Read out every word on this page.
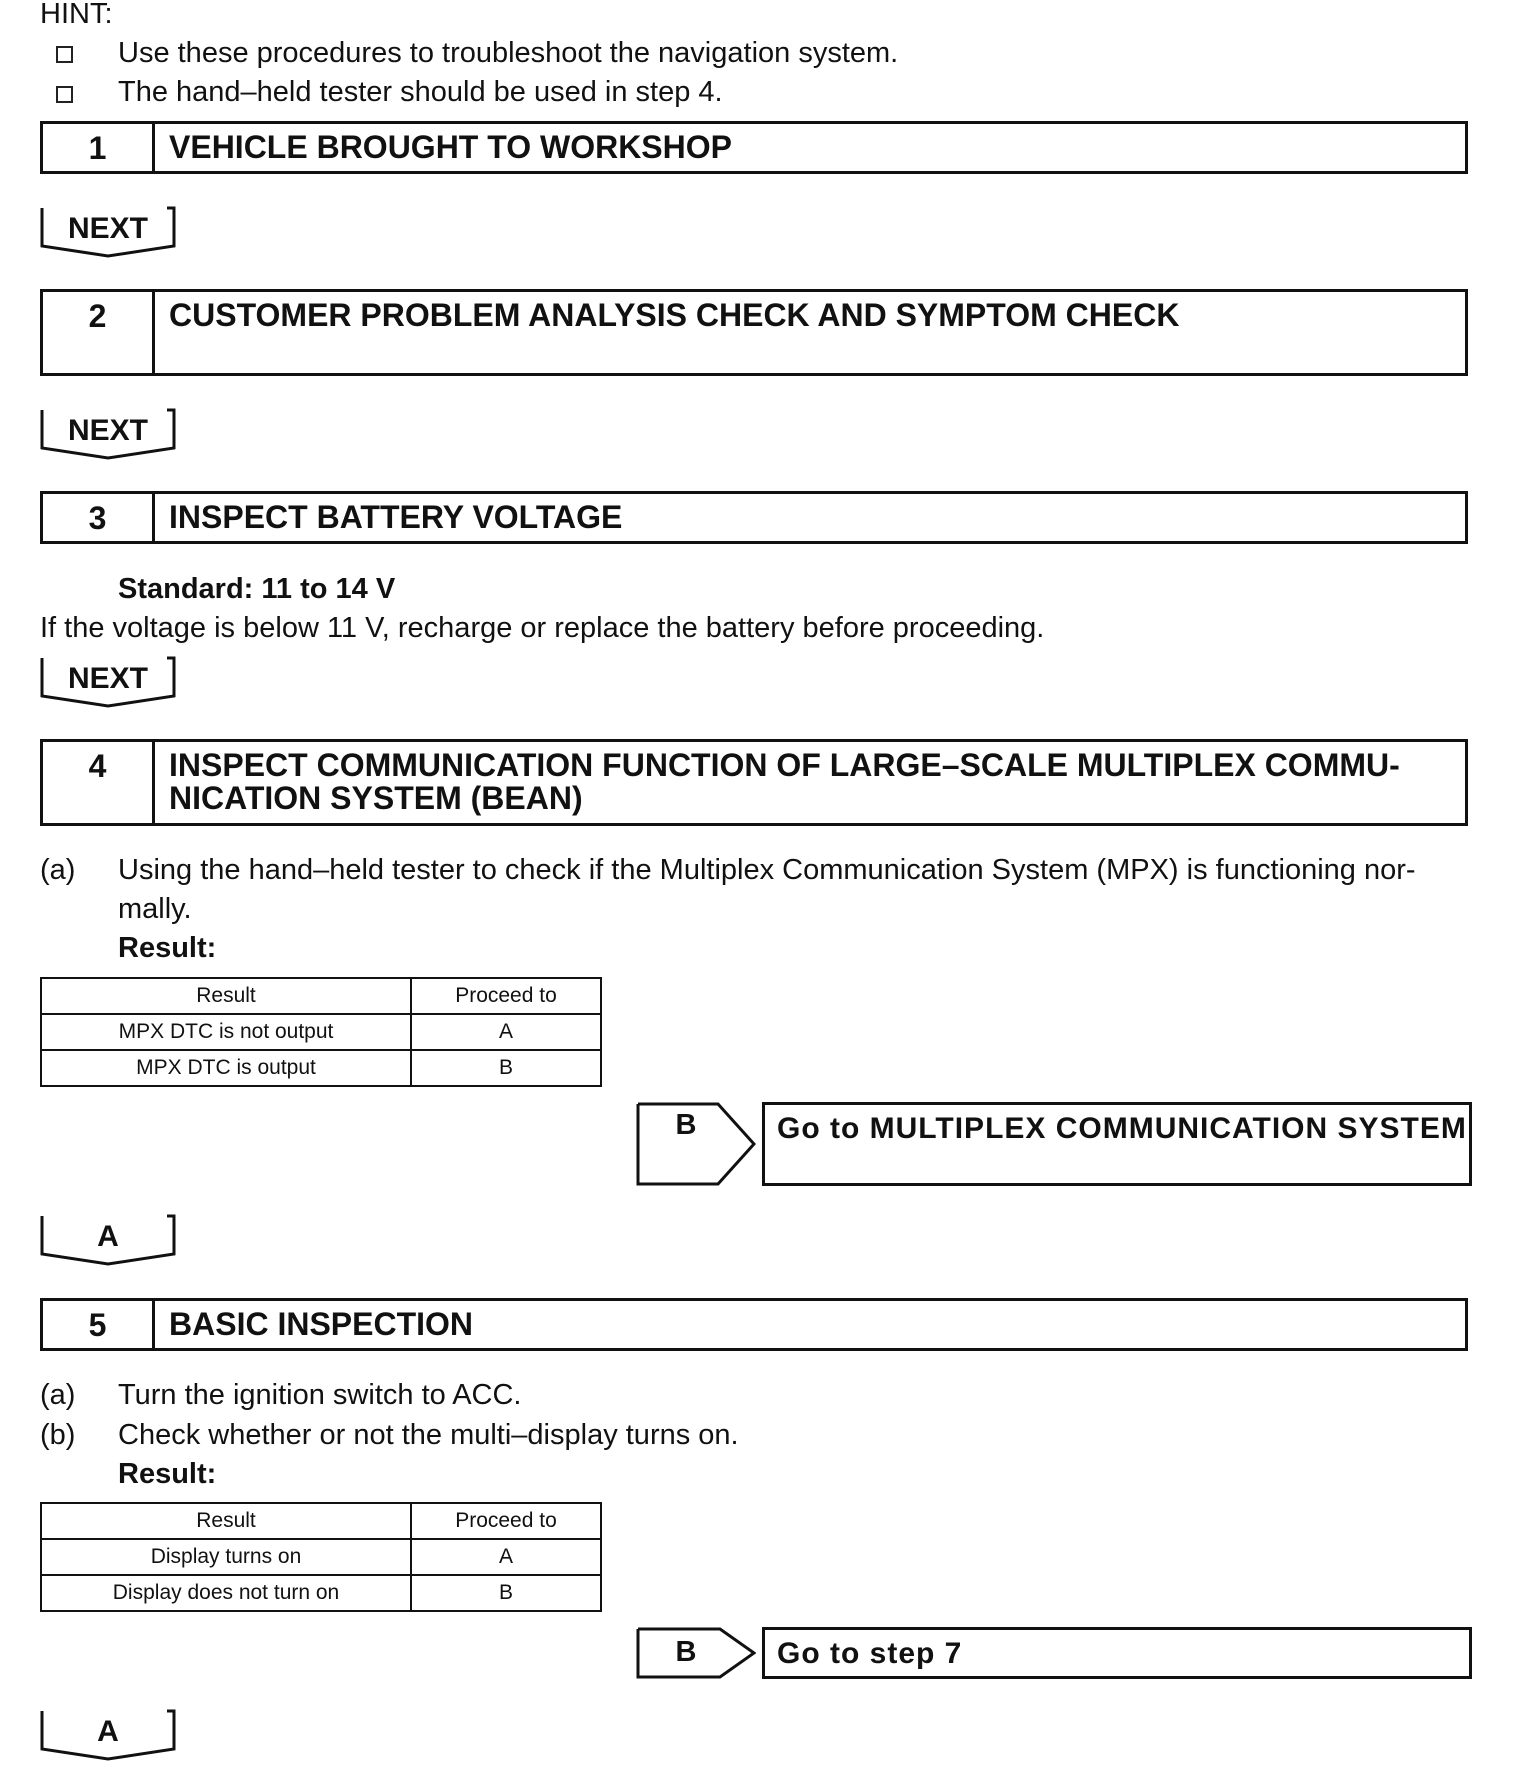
HINT:
Use these procedures to troubleshoot the navigation system.
The hand–held tester should be used in step 4.
1	VEHICLE BROUGHT TO WORKSHOP
NEXT
2	CUSTOMER PROBLEM ANALYSIS CHECK AND SYMPTOM CHECK
NEXT
3	INSPECT BATTERY VOLTAGE
Standard: 11 to 14 V
If the voltage is below 11 V, recharge or replace the battery before proceeding.
NEXT
4	INSPECT COMMUNICATION FUNCTION OF LARGE–SCALE MULTIPLEX COMMU-
NICATION SYSTEM (BEAN)
(a) Using the hand–held tester to check if the Multiplex Communication System (MPX) is functioning nor-
mally.
Result:
Result	Proceed to
MPX DTC is not output	A
MPX DTC is output	B
B	Go to MULTIPLEX COMMUNICATION SYSTEM
A
5	BASIC INSPECTION
(a) Turn the ignition switch to ACC.
(b) Check whether or not the multi–display turns on.
Result:
Result	Proceed to
Display turns on	A
Display does not turn on	B
B	Go to step 7
A
